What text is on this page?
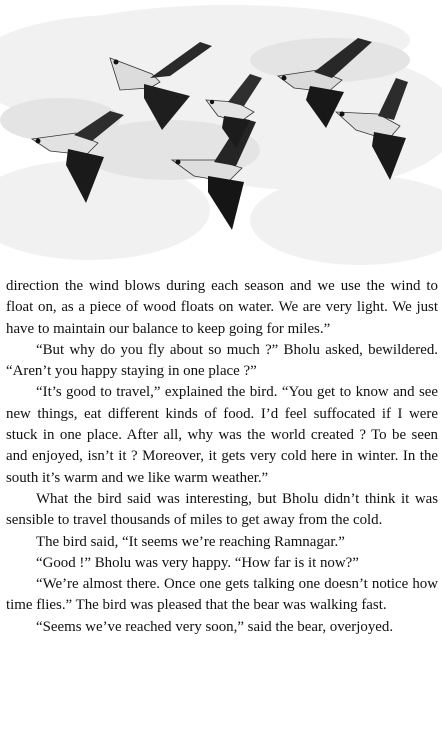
direction the wind blows during each season and we use the wind to float on, as a piece of wood floats on water. We are very light. We just have to maintain our balance to keep going for miles.”

“But why do you fly about so much ?” Bholu asked, bewildered. “Aren’t you happy staying in one place ?”

“It’s good to travel,” explained the bird. “You get to know and see new things, eat different kinds of food. I’d feel suffocated if I were stuck in one place. After all, why was the world created ? To be seen and enjoyed, isn’t it ? Moreover, it gets very cold here in winter. In the south it’s warm and we like warm weather.”

What the bird said was interesting, but Bholu didn’t think it was sensible to travel thousands of miles to get away from the cold.

The bird said, “It seems we’re reaching Ramnagar.”

“Good !” Bholu was very happy. “How far is it now?”

“We’re almost there. Once one gets talking one doesn’t notice how time flies.” The bird was pleased that the bear was walking fast.

“Seems we’ve reached very soon,” said the bear, overjoyed.
